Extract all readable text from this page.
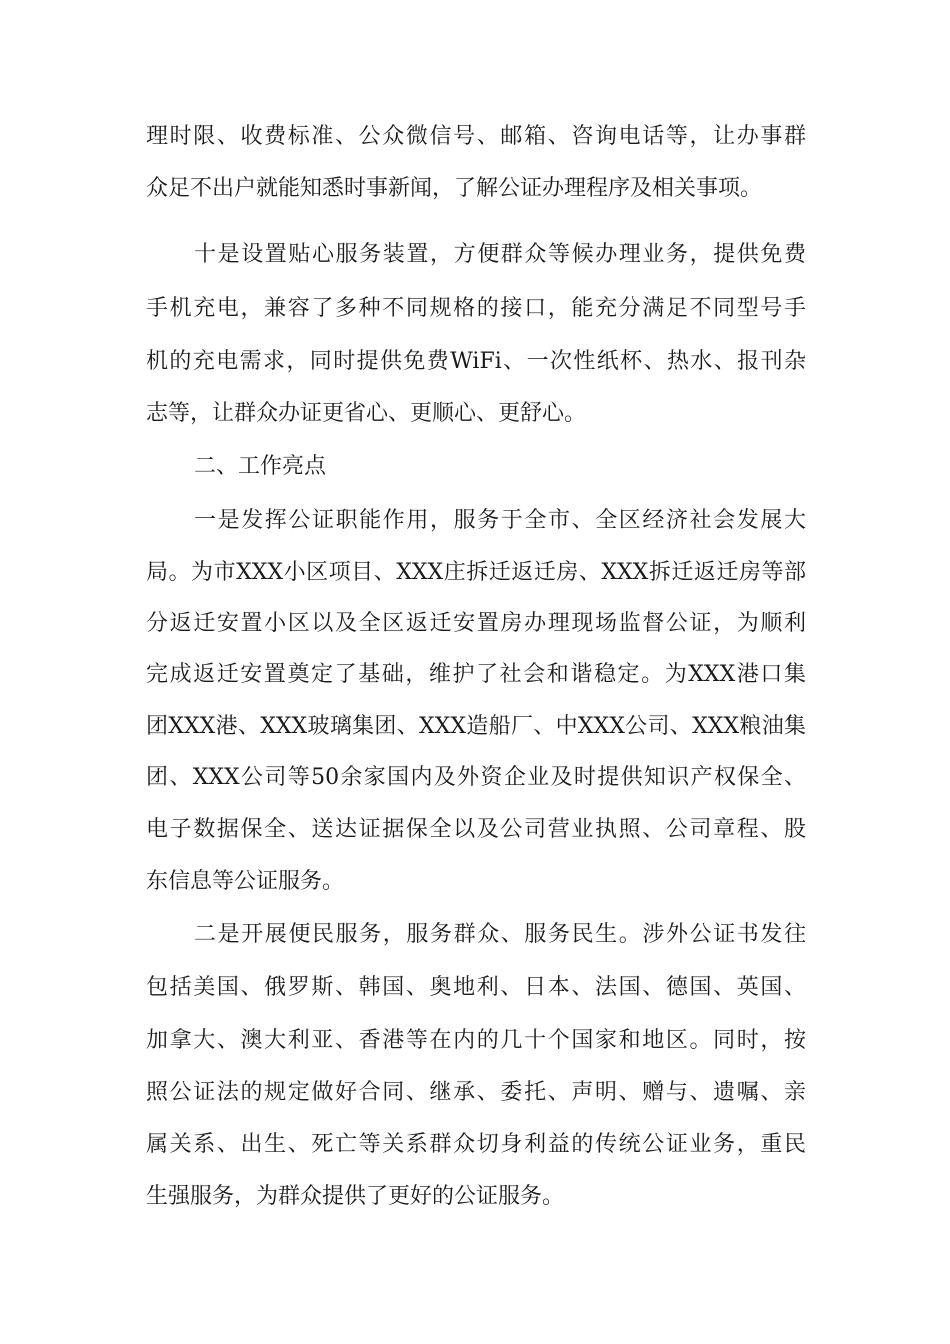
理时限、收费标准、公众微信号、邮箱、咨询电话等，让办事群
众足不出户就能知悉时事新闻，了解公证办理程序及相关事项。
十是设置贴心服务装置，方便群众等候办理业务，提供免费
手机充电，兼容了多种不同规格的接口，能充分满足不同型号手
机的充电需求，同时提供免费WiFi、一次性纸杯、热水、报刊杂
志等，让群众办证更省心、更顺心、更舒心。
二、工作亮点
一是发挥公证职能作用，服务于全市、全区经济社会发展大
局。为市XXX小区项目、XXX庄拆迁返迁房、XXX拆迁返迁房等部
分返迁安置小区以及全区返迁安置房办理现场监督公证，为顺利
完成返迁安置奠定了基础，维护了社会和谐稳定。为XXX港口集
团XXX港、XXX玻璃集团、XXX造船厂、中XXX公司、XXX粮油集
团、XXX公司等50余家国内及外资企业及时提供知识产权保全、
电子数据保全、送达证据保全以及公司营业执照、公司章程、股
东信息等公证服务。
二是开展便民服务，服务群众、服务民生。涉外公证书发往
包括美国、俄罗斯、韩国、奥地利、日本、法国、德国、英国、
加拿大、澳大利亚、香港等在内的几十个国家和地区。同时，按
照公证法的规定做好合同、继承、委托、声明、赠与、遗嘱、亲
属关系、出生、死亡等关系群众切身利益的传统公证业务，重民
生强服务，为群众提供了更好的公证服务。
